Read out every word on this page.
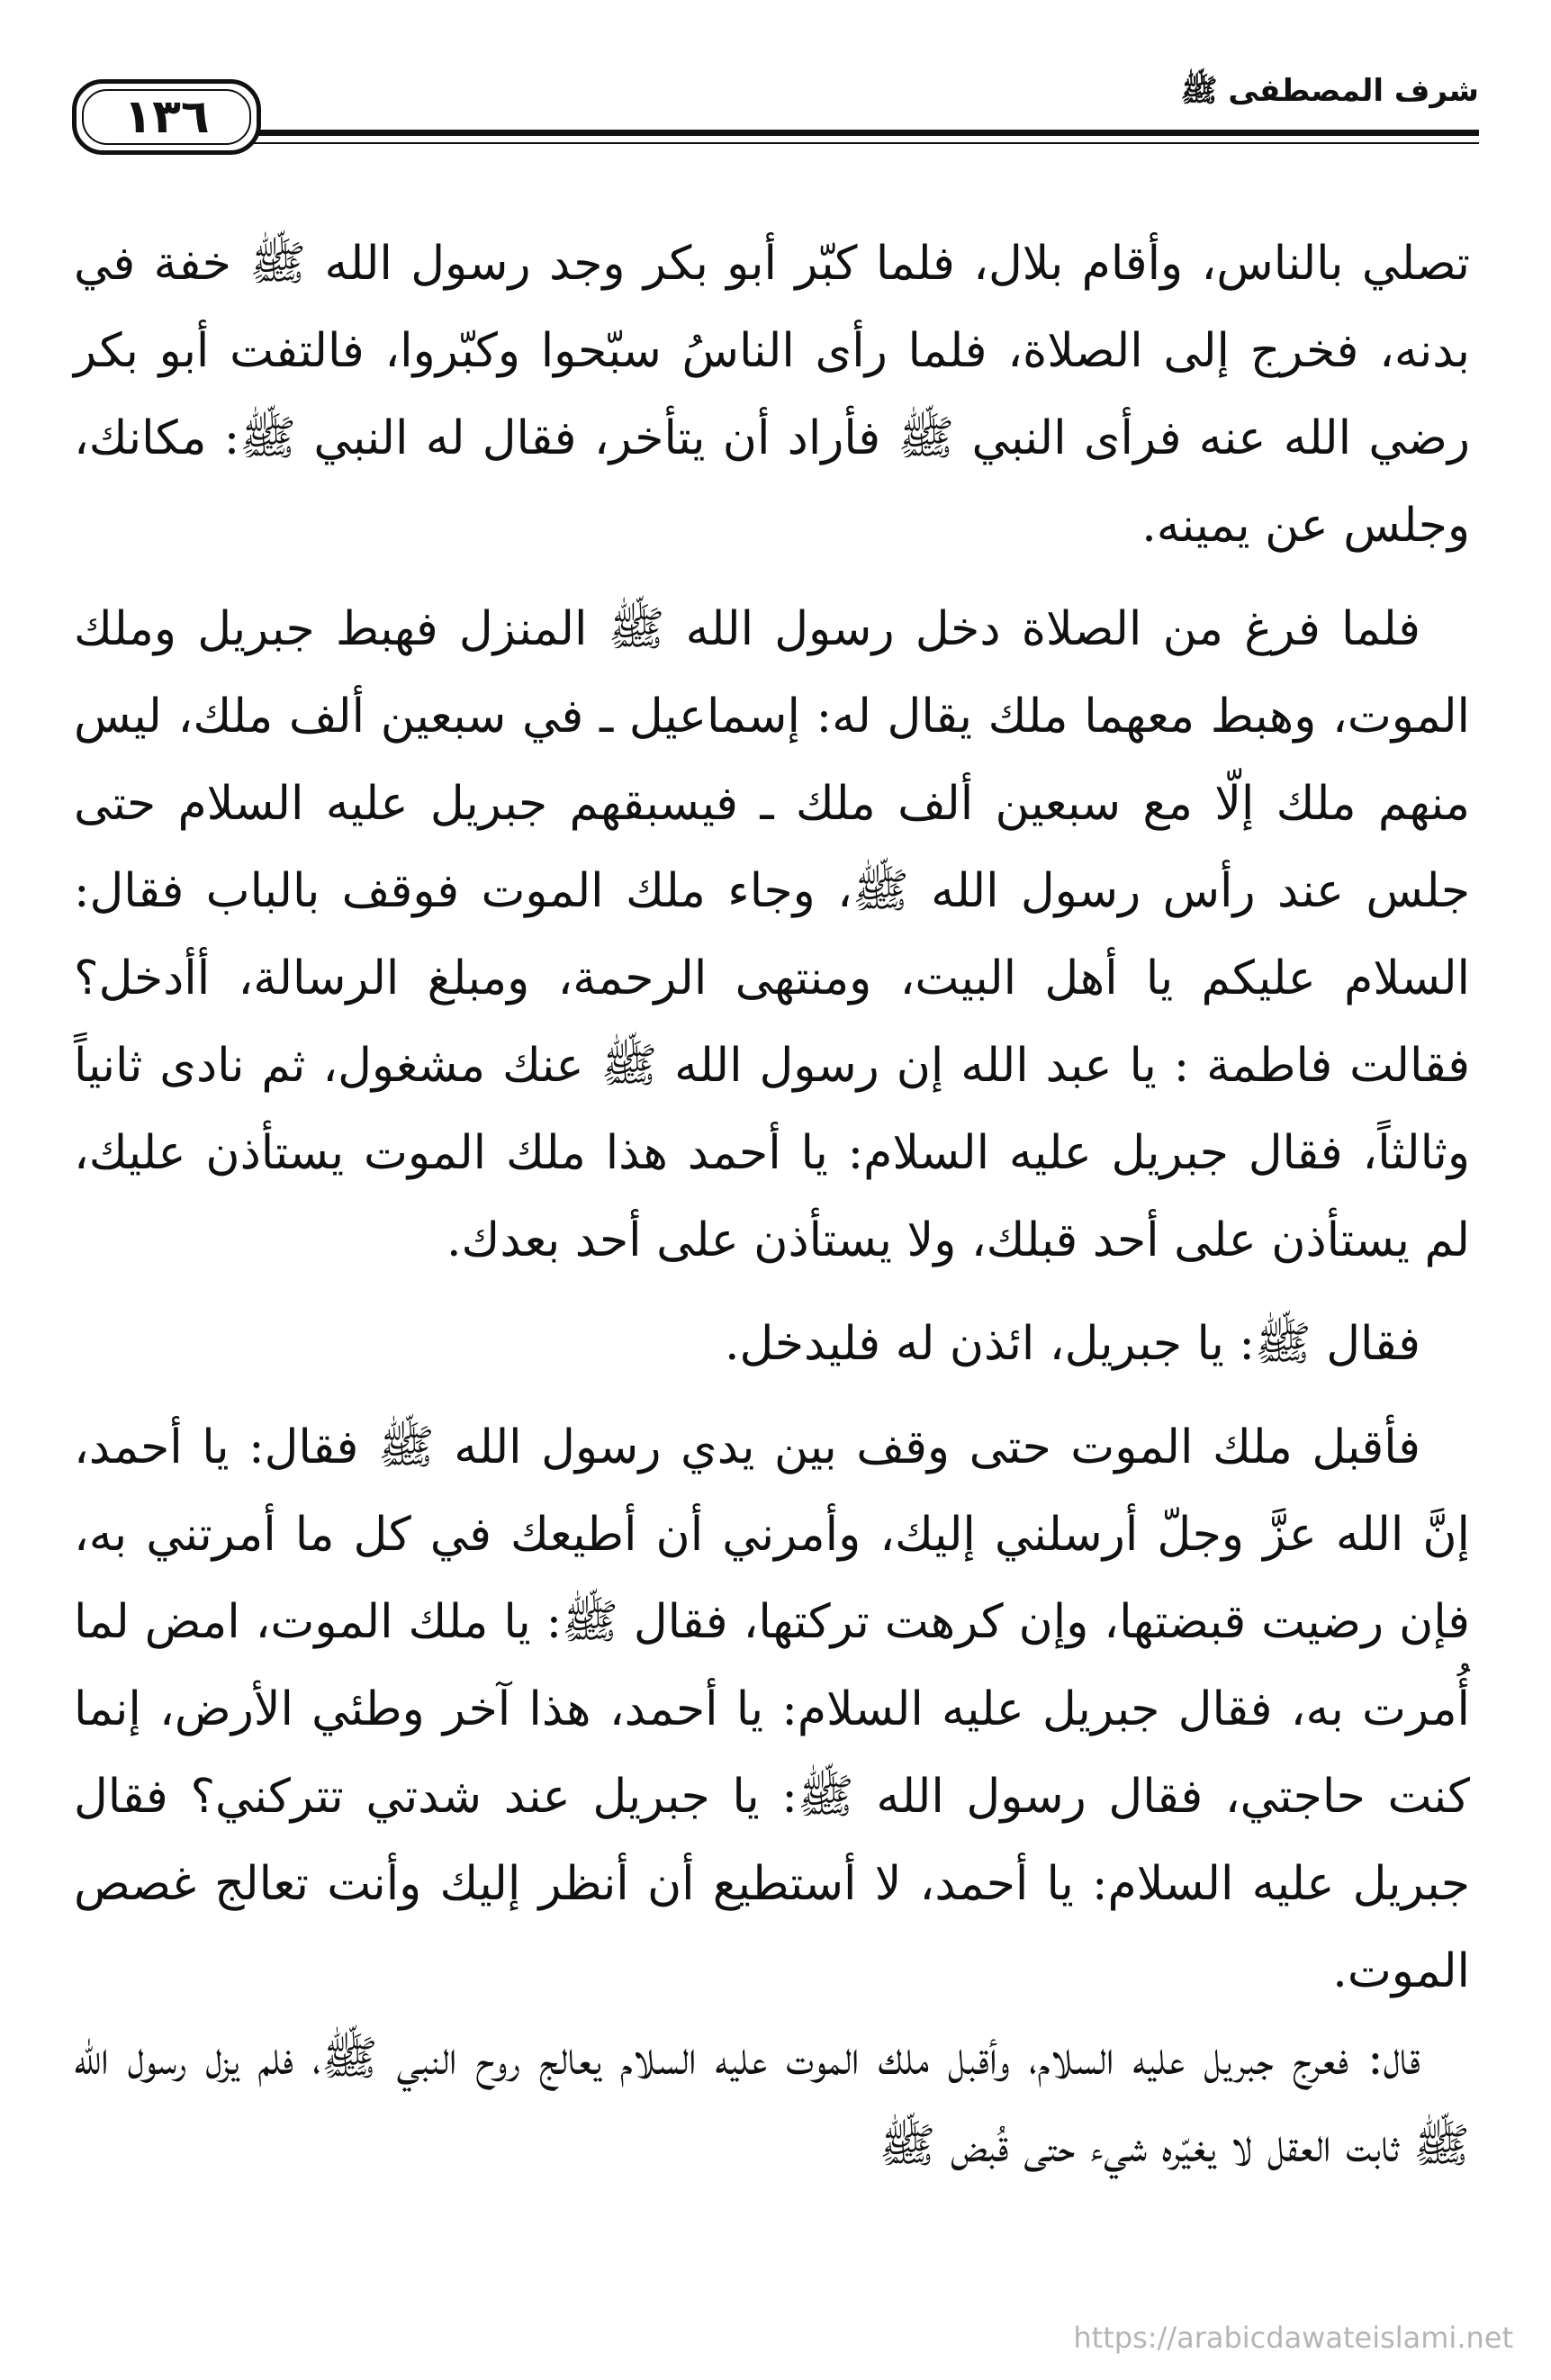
١٣٦	شرف المصطفى ﷺ

تصلي بالناس، وأقام بلال، فلما كبّر أبو بكر وجد رسول الله ﷺ خفة في بدنه، فخرج إلى الصلاة، فلما رأى الناسُ سبّحوا وكبّروا، فالتفت أبو بكر رضي الله عنه فرأى النبي ﷺ فأراد أن يتأخر، فقال له النبي ﷺ: مكانك، وجلس عن يمينه.

فلما فرغ من الصلاة دخل رسول الله ﷺ المنزل فهبط جبريل وملك الموت، وهبط معهما ملك يقال له: إسماعيل ـ في سبعين ألف ملك، ليس منهم ملك إلّا مع سبعين ألف ملك ـ فيسبقهم جبريل عليه السلام حتى جلس عند رأس رسول الله ﷺ، وجاء ملك الموت فوقف بالباب فقال: السلام عليكم يا أهل البيت، ومنتهى الرحمة، ومبلغ الرسالة، أأدخل؟ فقالت فاطمة : يا عبد الله إن رسول الله ﷺ عنك مشغول، ثم نادى ثانياً وثالثاً، فقال جبريل عليه السلام: يا أحمد هذا ملك الموت يستأذن عليك، لم يستأذن على أحد قبلك، ولا يستأذن على أحد بعدك.

فقال ﷺ: يا جبريل، ائذن له فليدخل.

فأقبل ملك الموت حتى وقف بين يدي رسول الله ﷺ فقال: يا أحمد، إنَّ الله عزَّ وجلّ أرسلني إليك، وأمرني أن أطيعك في كل ما أمرتني به، فإن رضيت قبضتها، وإن كرهت تركتها، فقال ﷺ: يا ملك الموت، امض لما أُمرت به، فقال جبريل عليه السلام: يا أحمد، هذا آخر وطئي الأرض، إنما كنت حاجتي، فقال رسول الله ﷺ: يا جبريل عند شدتي تتركني؟ فقال جبريل عليه السلام: يا أحمد، لا أستطيع أن أنظر إليك وأنت تعالج غصص الموت.

قال: فعرج جبريل عليه السلام، وأقبل ملك الموت عليه السلام يعالج روح النبي ﷺ، فلم يزل رسول الله ﷺ ثابت العقل لا يغيّره شيء حتى قُبض ﷺ

https://arabicdawateislami.net
